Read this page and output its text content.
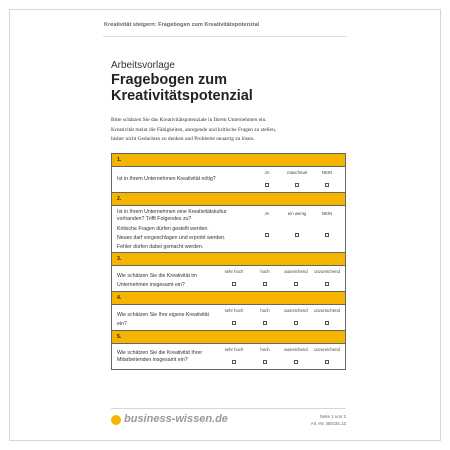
Kreativität steigern: Fragebogen zum Kreativitätspotenzial
Arbeitsvorlage
Fragebogen zum
Kreativitätspotenzial

Bitte schätzen Sie das Kreativitätspotenziale in Ihrem Unternehmen ein.

Kreativität meint die Fähigkeiten, anregende und kritische Fragen zu stellen,

bisher nicht Gedachtes zu denken und Probleme neuartig zu lösen.

1.
Ist in Ihrem Unternehmen Kreativität nötig?
JA	manchmal	NEIN
2.
Ist in Ihrem Unternehmen eine Kreativitätskultur
vorhanden? Trifft Folgendes zu?
Kritische Fragen dürfen gestellt werden.
Neues darf vorgeschlagen und erprobt werden.
Fehler dürfen dabei gemacht werden.
JA	ein wenig	NEIN
3.
Wie schätzen Sie die Kreativität im
Unternehmen insgesamt ein?
sehr hoch	hoch	ausreichend	unzureichend
4.
Wie schätzen Sie Ihre eigene Kreativität
ein?
sehr hoch	hoch	ausreichend	unzureichend
5.
Wie schätzen Sie die Kreativität Ihrer
Mitarbeitenden insgesamt ein?
sehr hoch	hoch	ausreichend	unzureichend
business-wissen.de	Seite 1 von 2
Art.-Nr. BE034.13
